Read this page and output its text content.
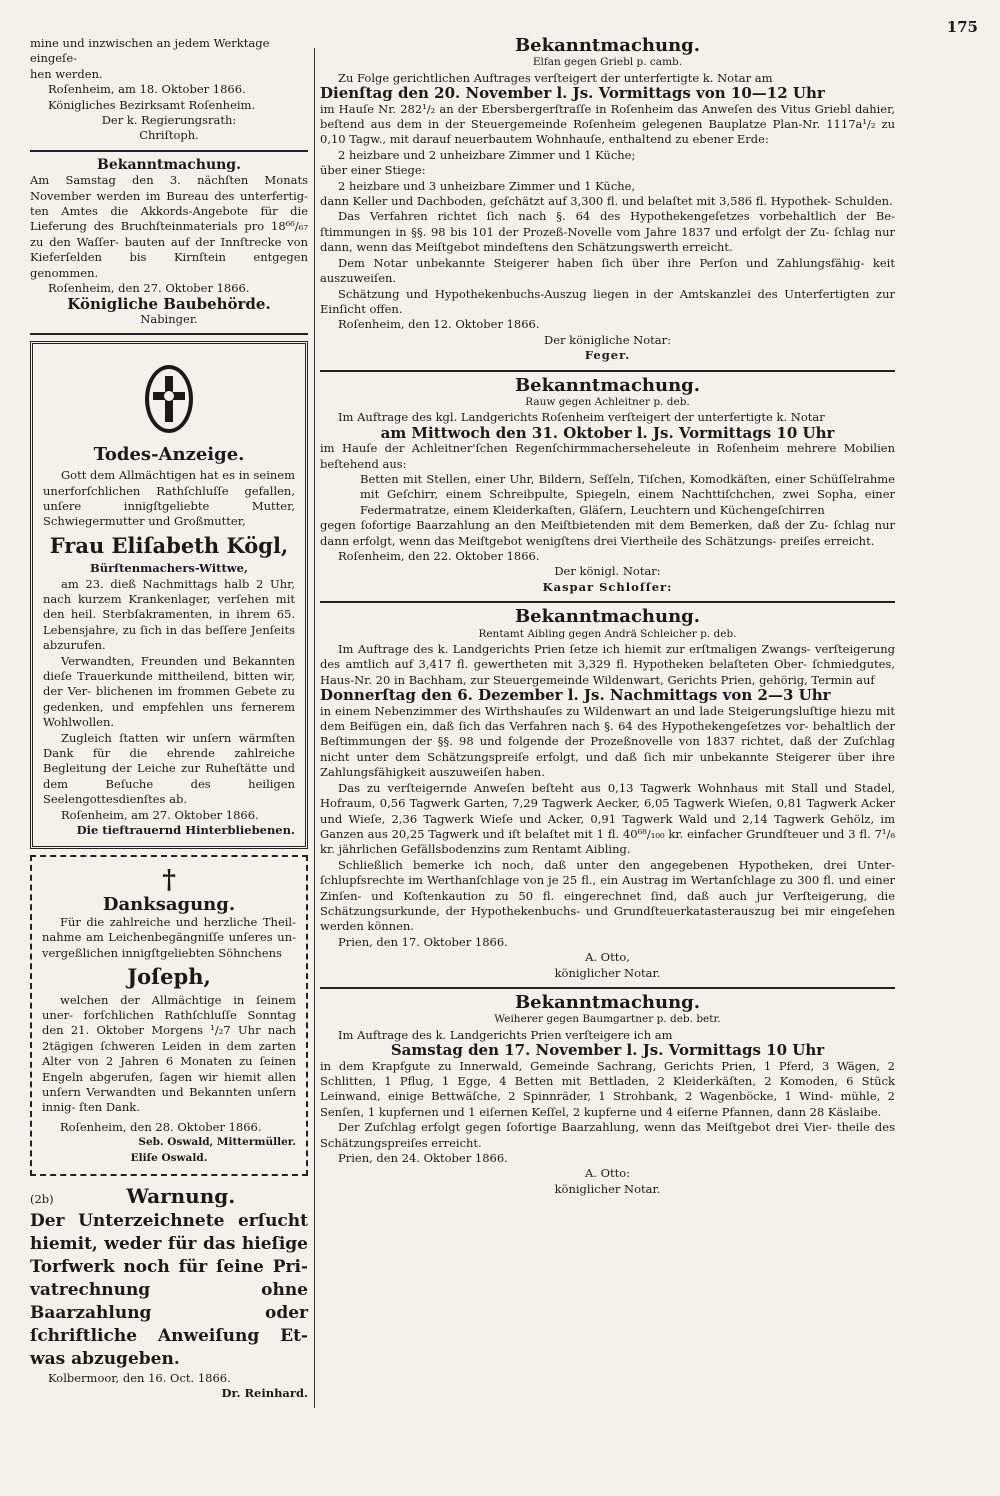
175
mine und inzwischen an jedem Werktage eingeſe-
hen werden.
Roſenheim, am 18. Oktober 1866.
Königliches Bezirksamt Roſenheim.
Der k. Regierungsrath:
Chriſtoph.
Bekanntmachung.
Am Samstag den 3. nächſten Monats November werden im Bureau des unterfertig- ten Amtes die Akkords-Angebote für die Lieferung des Bruchſteinmaterials pro 18⁶⁶/₆₇ zu den Waſſer- bauten auf der Innſtrecke von Kieferſelden bis Kirnſtein entgegen genommen.
Roſenheim, den 27. Oktober 1866.
Königliche Baubehörde.
Nabinger.
Todes-Anzeige.
Gott dem Allmächtigen hat es in seinem unerforſchlichen Rathſchluſſe gefallen, unſere innigſtgeliebte Mutter, Schwiegermutter und Großmutter,
Frau Eliſabeth Kögl,
Bürſtenmachers-Wittwe,
am 23. dieß Nachmittags halb 2 Uhr, nach kurzem Krankenlager, verſehen mit den heil. Sterbſakramenten, in ihrem 65. Lebensjahre, zu ſich in das beſſere Jenſeits abzurufen.
Verwandten, Freunden und Bekannten dieſe Trauerkunde mittheilend, bitten wir, der Ver- blichenen im frommen Gebete zu gedenken, und empfehlen uns fernerem Wohlwollen.
Zugleich ſtatten wir unſern wärmſten Dank für die ehrende zahlreiche Begleitung der Leiche zur Ruheſtätte und dem Beſuche des heiligen Seelengottesdienſtes ab.
Roſenheim, am 27. Oktober 1866.
Die tieftrauernd Hinterbliebenen.
†
Danksagung.
Für die zahlreiche und herzliche Theil- nahme am Leichenbegängniſſe unſeres un- vergeßlichen innigſtgeliebten Söhnchens
Joſeph,
welchen der Allmächtige in ſeinem uner- forſchlichen Rathſchluſſe Sonntag den 21. Oktober Morgens ¹/₂7 Uhr nach 2tägigen ſchweren Leiden in dem zarten Alter von 2 Jahren 6 Monaten zu ſeinen Engeln abgerufen, ſagen wir hiemit allen unſern Verwandten und Bekannten unſern innig- ſten Dank.
Roſenheim, den 28. Oktober 1866.
Seb. Oswald, Mittermüller.
Eliſe Oswald.
(2b)	Warnung.
Der Unterzeichnete erſucht hiemit, weder für das hieſige Torfwerk noch für ſeine Pri- vatrechnung ohne Baarzahlung oder ſchriftliche Anweiſung Et- was abzugeben.
Kolbermoor, den 16. Oct. 1866.
Dr. Reinhard.
Bekanntmachung.
Elfan gegen Griebl p. camb.
Zu Folge gerichtlichen Auftrages verſteigert der unterfertigte k. Notar am
Dienſtag den 20. November l. Js. Vormittags von 10—12 Uhr
im Hauſe Nr. 282¹/₂ an der Ebersbergerſtraſſe in Roſenheim das Anweſen des Vitus Griebl dahier, beſtend aus dem in der Steuergemeinde Roſenheim gelegenen Bauplatze Plan-Nr. 1117a¹/₂ zu 0,10 Tagw., mit darauf neuerbautem Wohnhauſe, enthaltend zu ebener Erde:
2 heizbare und 2 unheizbare Zimmer und 1 Küche;
über einer Stiege:
2 heizbare und 3 unheizbare Zimmer und 1 Küche,
dann Keller und Dachboden, geſchätzt auf 3,300 fl. und belaſtet mit 3,586 fl. Hypothek- Schulden.
Das Verfahren richtet ſich nach §. 64 des Hypothekengeſetzes vorbehaltlich der Be- ſtimmungen in §§. 98 bis 101 der Prozeß-Novelle vom Jahre 1837 und erfolgt der Zu- ſchlag nur dann, wenn das Meiſtgebot mindeſtens den Schätzungswerth erreicht.
Dem Notar unbekannte Steigerer haben ſich über ihre Perſon und Zahlungsfähig- keit auszuweiſen.
Schätzung und Hypothekenbuchs-Auszug liegen in der Amtskanzlei des Unterfertigten zur Einſicht offen.
Roſenheim, den 12. Oktober 1866.
Der königliche Notar:
Feger.
Bekanntmachung.
Rauw gegen Achleitner p. deb.
Im Auftrage des kgl. Landgerichts Roſenheim verſteigert der unterfertigte k. Notar
am Mittwoch den 31. Oktober l. Js. Vormittags 10 Uhr
im Hauſe der Achleitner'ſchen Regenſchirmmacherseheleute in Roſenheim mehrere Mobilien beſtehend aus:
Betten mit Stellen, einer Uhr, Bildern, Seſſeln, Tiſchen, Komodkäſten, einer Schüſſelrahme mit Geſchirr, einem Schreibpulte, Spiegeln, einem Nachttiſchchen, zwei Sopha, einer Federmatratze, einem Kleiderkaſten, Gläſern, Leuchtern und Küchengeſchirren
gegen ſofortige Baarzahlung an den Meiſtbietenden mit dem Bemerken, daß der Zu- ſchlag nur dann erfolgt, wenn das Meiſtgebot wenigſtens drei Viertheile des Schätzungs- preiſes erreicht.
Roſenheim, den 22. Oktober 1866.
Der königl. Notar:
Kaspar Schloſſer:
Bekanntmachung.
Rentamt Aibling gegen Andrä Schleicher p. deb.
Im Auftrage des k. Landgerichts Prien ſetze ich hiemit zur erſtmaligen Zwangs- verſteigerung des amtlich auf 3,417 fl. gewertheten mit 3,329 fl. Hypotheken belaſteten Ober- ſchmiedgutes, Haus-Nr. 20 in Bachham, zur Steuergemeinde Wildenwart, Gerichts Prien, gehörig, Termin auf
Donnerſtag den 6. Dezember l. Js. Nachmittags von 2—3 Uhr
in einem Nebenzimmer des Wirthshauſes zu Wildenwart an und lade Steigerungsluſtige hiezu mit dem Beifügen ein, daß ſich das Verfahren nach §. 64 des Hypothekengeſetzes vor- behaltlich der Beſtimmungen der §§. 98 und folgende der Prozeßnovelle von 1837 richtet, daß der Zuſchlag nicht unter dem Schätzungspreiſe erfolgt, und daß ſich mir unbekannte Steigerer über ihre Zahlungsfähigkeit auszuweiſen haben.
Das zu verſteigernde Anweſen beſteht aus 0,13 Tagwerk Wohnhaus mit Stall und Stadel, Hofraum, 0,56 Tagwerk Garten, 7,29 Tagwerk Aecker, 6,05 Tagwerk Wieſen, 0,81 Tagwerk Acker und Wieſe, 2,36 Tagwerk Wieſe und Acker, 0,91 Tagwerk Wald und 2,14 Tagwerk Gehölz, im Ganzen aus 20,25 Tagwerk und iſt belaſtet mit 1 fl. 40⁶⁸/₁₀₀ kr. einfacher Grundſteuer und 3 fl. 7¹/₈ kr. jährlichen Gefällsbodenzins zum Rentamt Aibling.
Schließlich bemerke ich noch, daß unter den angegebenen Hypotheken, drei Unter- ſchlupfsrechte im Werthanſchlage von je 25 fl., ein Austrag im Wertanſchlage zu 300 fl. und einer Zinſen- und Koſtenkaution zu 50 fl. eingerechnet ſind, daß auch jur Verſteigerung, die Schätzungsurkunde, der Hypothekenbuchs- und Grundſteuerkatasterauszug bei mir eingeſehen werden können.
Prien, den 17. Oktober 1866.
A. Otto,
königlicher Notar.
Bekanntmachung.
Weiherer gegen Baumgartner p. deb. betr.
Im Auftrage des k. Landgerichts Prien verſteigere ich am
Samstag den 17. November l. Js. Vormittags 10 Uhr
in dem Krapfgute zu Innerwald, Gemeinde Sachrang, Gerichts Prien, 1 Pferd, 3 Wägen, 2 Schlitten, 1 Pflug, 1 Egge, 4 Betten mit Bettladen, 2 Kleiderkäſten, 2 Komoden, 6 Stück Leinwand, einige Bettwäſche, 2 Spinnräder, 1 Strohbank, 2 Wagenböcke, 1 Wind- mühle, 2 Senſen, 1 kupfernen und 1 eiſernen Keſſel, 2 kupferne und 4 eiſerne Pfannen, dann 28 Käslaibe.
Der Zuſchlag erfolgt gegen ſofortige Baarzahlung, wenn das Meiſtgebot drei Vier- theile des Schätzungspreiſes erreicht.
Prien, den 24. Oktober 1866.
A. Otto:
königlicher Notar.
